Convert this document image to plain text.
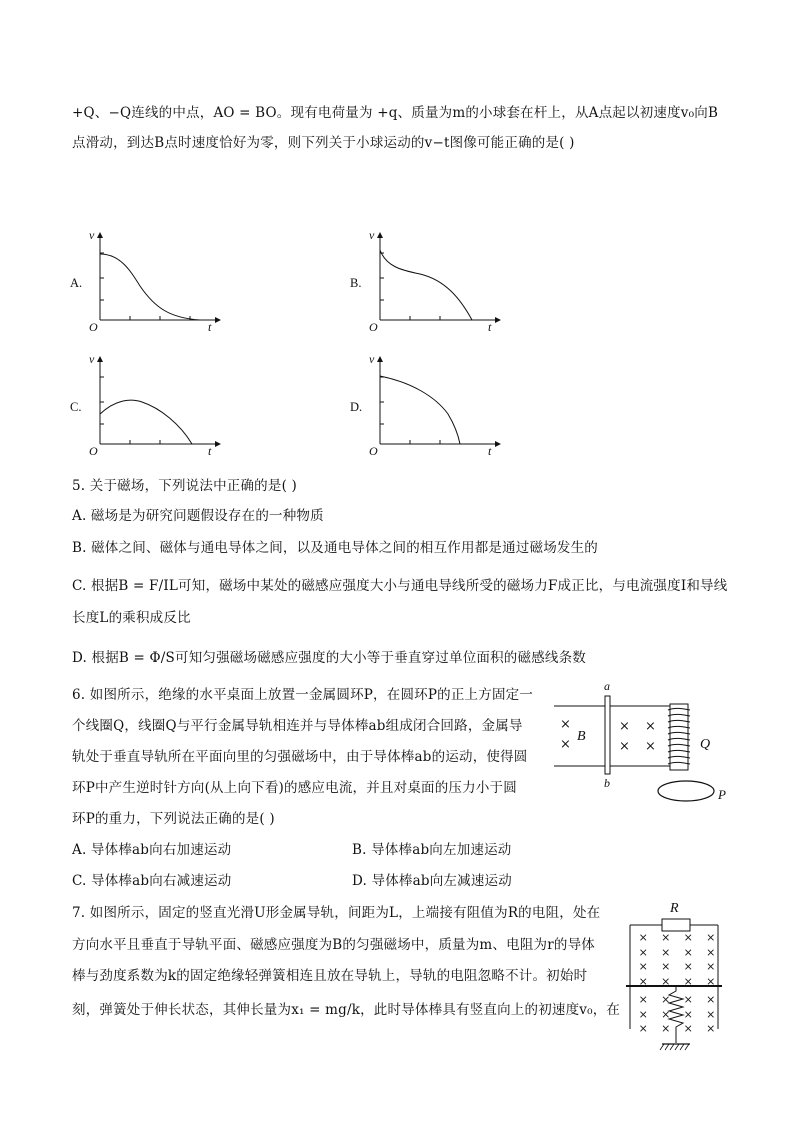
+Q、−Q连线的中点，AO = BO。现有电荷量为 +q、质量为m的小球套在杆上，从A点起以初速度v₀向B
点滑动，到达B点时速度恰好为零，则下列关于小球运动的v−t图像可能正确的是( )
A.
v
O	t
B.
v
O	t
C.
v
O	t
D.
v
O	t
5. 关于磁场，下列说法中正确的是( )
A. 磁场是为研究问题假设存在的一种物质
B. 磁体之间、磁体与通电导体之间，以及通电导体之间的相互作用都是通过磁场发生的
C. 根据B = F/IL可知，磁场中某处的磁感应强度大小与通电导线所受的磁场力F成正比，与电流强度I和导线
长度L的乘积成反比
D. 根据B = Φ/S可知匀强磁场磁感应强度的大小等于垂直穿过单位面积的磁感线条数
6. 如图所示，绝缘的水平桌面上放置一金属圆环P，在圆环P的正上方固定一
个线圈Q，线圈Q与平行金属导轨相连并与导体棒ab组成闭合回路，金属导
轨处于垂直导轨所在平面向里的匀强磁场中，由于导体棒ab的运动，使得圆
环P中产生逆时针方向(从上向下看)的感应电流，并且对桌面的压力小于圆
环P的重力，下列说法正确的是( )
A. 导体棒ab向右加速运动	B. 导体棒ab向左加速运动
C. 导体棒ab向右减速运动	D. 导体棒ab向左减速运动
a
b
B
Q
P
×
×
×
×
×
×
7. 如图所示，固定的竖直光滑U形金属导轨，间距为L，上端接有阻值为R的电阻，处在
方向水平且垂直于导轨平面、磁感应强度为B的匀强磁场中，质量为m、电阻为r的导体
棒与劲度系数为k的固定绝缘轻弹簧相连且放在导轨上，导轨的电阻忽略不计。初始时
刻，弹簧处于伸长状态，其伸长量为x₁ = mg/k，此时导体棒具有竖直向上的初速度v₀，在
R
× × × ×
× × × ×
× × × ×
× × × ×
× × × ×
× × × ×
× × × ×
